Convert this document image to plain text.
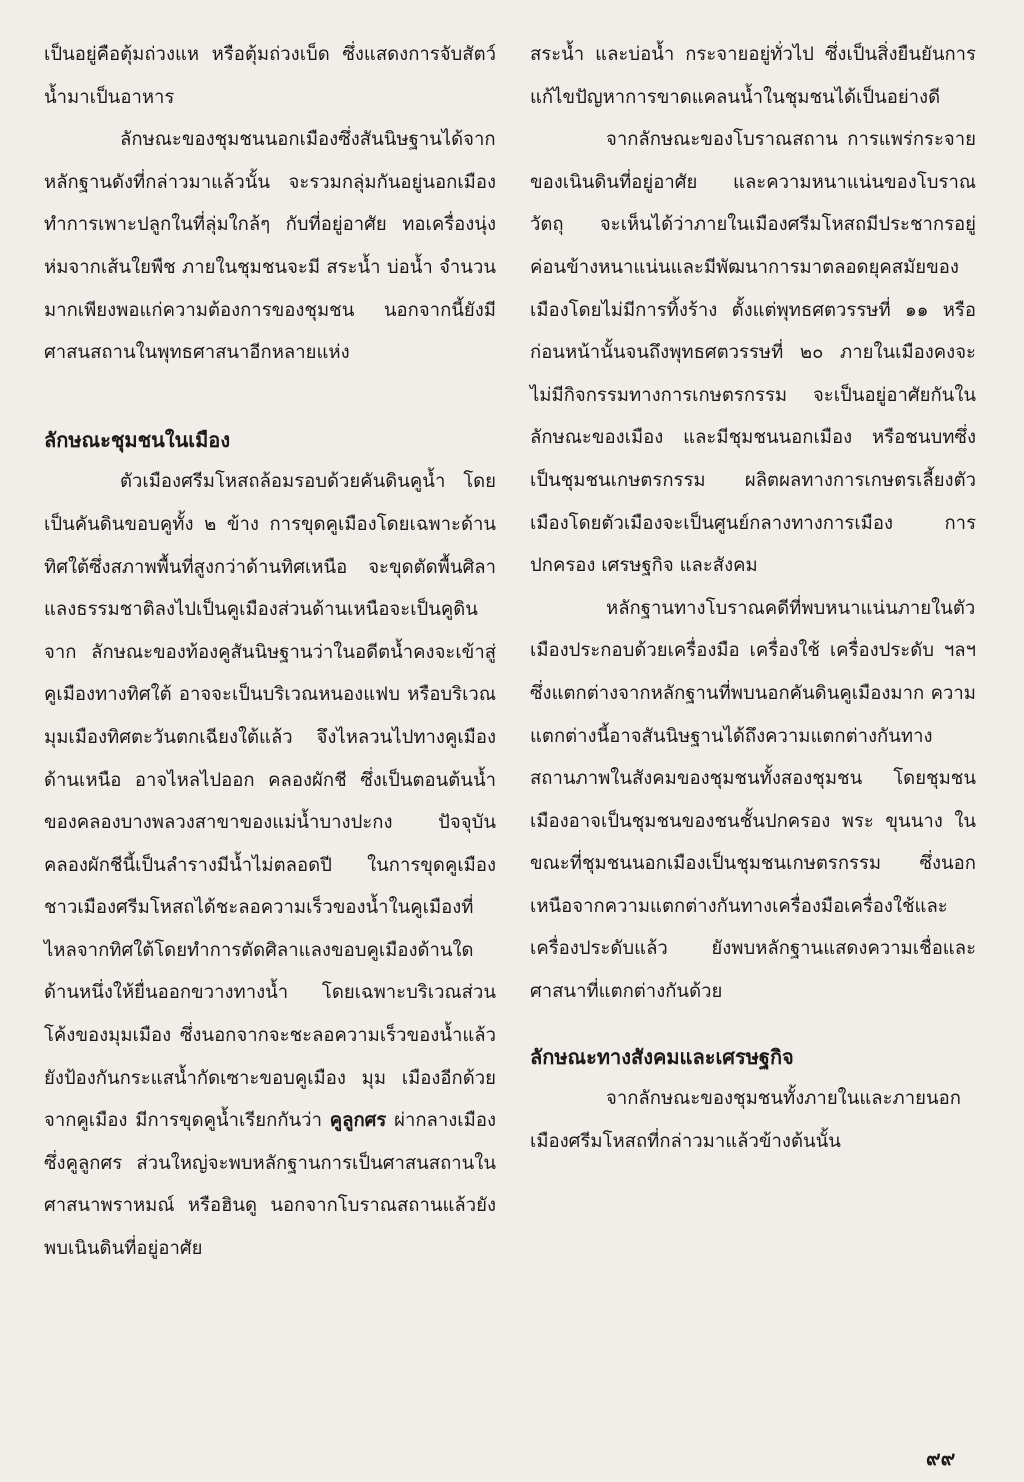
เป็นอยู่คือตุ้มถ่วงแห หรือตุ้มถ่วงเบ็ด ซึ่งแสดงการจับสัตว์น้ำมาเป็นอาหาร

ลักษณะของชุมชนนอกเมืองซึ่งสันนิษฐานได้จากหลักฐานดังที่กล่าวมาแล้วนั้น จะรวมกลุ่มกันอยู่นอกเมือง ทำการเพาะปลูกในที่ลุ่มใกล้ๆ กับที่อยู่อาศัย ทอเครื่องนุ่งห่มจากเส้นใยพืช ภายในชุมชนจะมี สระน้ำ บ่อน้ำ จำนวนมากเพียงพอแก่ความต้องการของชุมชน นอกจากนี้ยังมีศาสนสถานในพุทธศาสนาอีกหลายแห่ง

ลักษณะชุมชนในเมือง

ตัวเมืองศรีมโหสถล้อมรอบด้วยคันดินคูน้ำ โดยเป็นคันดินขอบคูทั้ง ๒ ข้าง การขุดคูเมืองโดยเฉพาะด้านทิศใต้ซึ่งสภาพพื้นที่สูงกว่าด้านทิศเหนือ จะขุดตัดพื้นศิลาแลงธรรมชาติลงไปเป็นคูเมืองส่วนด้านเหนือจะเป็นคูดิน จาก ลักษณะของท้องคูสันนิษฐานว่าในอดีตน้ำคงจะเข้าสู่คูเมืองทางทิศใต้ อาจจะเป็นบริเวณหนองแฟบ หรือบริเวณมุมเมืองทิศตะวันตกเฉียงใต้แล้ว จึงไหลวนไปทางคูเมืองด้านเหนือ อาจไหลไปออก คลองผักชี ซึ่งเป็นตอนต้นน้ำของคลองบางพลวงสาขาของแม่น้ำบางปะกง ปัจจุบันคลองผักชีนี้เป็นลำรางมีน้ำไม่ตลอดปี ในการขุดคูเมืองชาวเมืองศรีมโหสถได้ชะลอความเร็วของน้ำในคูเมืองที่ไหลจากทิศใต้โดยทำการตัดศิลาแลงขอบคูเมืองด้านใดด้านหนึ่งให้ยื่นออกขวางทางน้ำ โดยเฉพาะบริเวณส่วนโค้งของมุมเมือง ซึ่งนอกจากจะชะลอความเร็วของน้ำแล้วยังป้องกันกระแสน้ำกัดเซาะขอบคูเมือง มุม เมืองอีกด้วย จากคูเมือง มีการขุดคูน้ำเรียกกันว่า คูลูกศร ผ่ากลางเมืองซึ่งคูลูกศร ส่วนใหญ่จะพบหลักฐานการเป็นศาสนสถานในศาสนาพราหมณ์ หรือฮินดู นอกจากโบราณสถานแล้วยังพบเนินดินที่อยู่อาศัย

สระน้ำ และบ่อน้ำ กระจายอยู่ทั่วไป ซึ่งเป็นสิ่งยืนยันการแก้ไขปัญหาการขาดแคลนน้ำในชุมชนได้เป็นอย่างดี

จากลักษณะของโบราณสถาน การแพร่กระจายของเนินดินที่อยู่อาศัย และความหนาแน่นของโบราณวัตถุ จะเห็นได้ว่าภายในเมืองศรีมโหสถมีประชากรอยู่ค่อนข้างหนาแน่นและมีพัฒนาการมาตลอดยุคสมัยของเมืองโดยไม่มีการทิ้งร้าง ตั้งแต่พุทธศตวรรษที่ ๑๑ หรือก่อนหน้านั้นจนถึงพุทธศตวรรษที่ ๒๐ ภายในเมืองคงจะไม่มีกิจกรรมทางการเกษตรกรรม จะเป็นอยู่อาศัยกันในลักษณะของเมือง และมีชุมชนนอกเมือง หรือชนบทซึ่งเป็นชุมชนเกษตรกรรม ผลิตผลทางการเกษตรเลี้ยงตัวเมืองโดยตัวเมืองจะเป็นศูนย์กลางทางการเมือง การปกครอง เศรษฐกิจ และสังคม

หลักฐานทางโบราณคดีที่พบหนาแน่นภายในตัวเมืองประกอบด้วยเครื่องมือ เครื่องใช้ เครื่องประดับ ฯลฯ ซึ่งแตกต่างจากหลักฐานที่พบนอกคันดินคูเมืองมาก ความแตกต่างนี้อาจสันนิษฐานได้ถึงความแตกต่างกันทางสถานภาพในสังคมของชุมชนทั้งสองชุมชน โดยชุมชนเมืองอาจเป็นชุมชนของชนชั้นปกครอง พระ ขุนนาง ในขณะที่ชุมชนนอกเมืองเป็นชุมชนเกษตรกรรม ซึ่งนอกเหนือจากความแตกต่างกันทางเครื่องมือเครื่องใช้และเครื่องประดับแล้ว ยังพบหลักฐานแสดงความเชื่อและศาสนาที่แตกต่างกันด้วย

ลักษณะทางสังคมและเศรษฐกิจ

จากลักษณะของชุมชนทั้งภายในและภายนอกเมืองศรีมโหสถที่กล่าวมาแล้วข้างต้นนั้น

๙๙
